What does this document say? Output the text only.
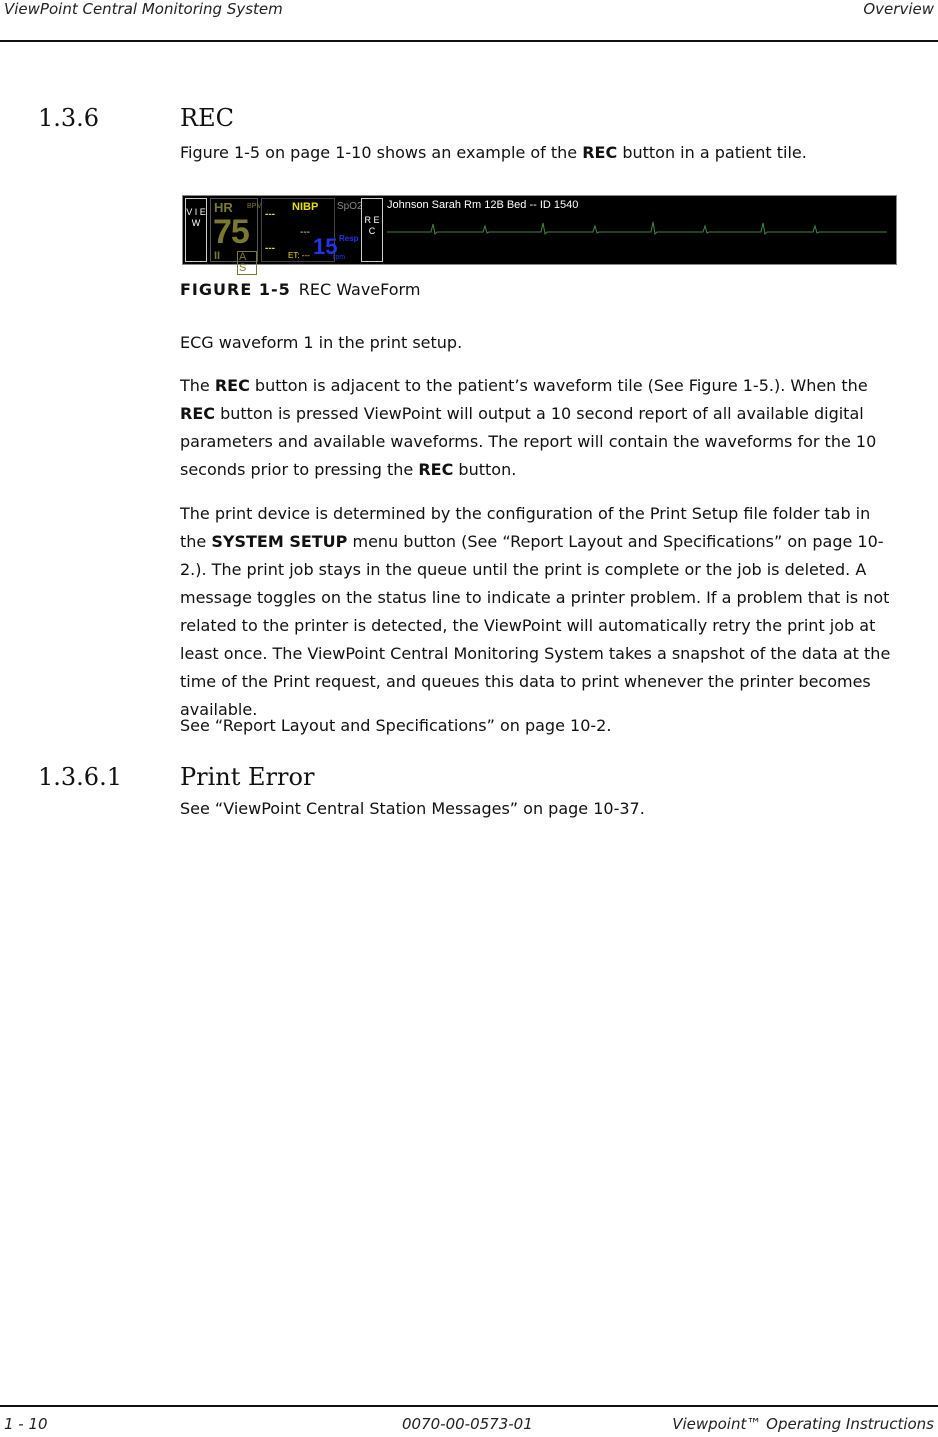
ViewPoint Central Monitoring System	Overview
1.3.6	REC
Figure 1-5 on page 1-10 shows an example of the REC button in a patient tile.
V I E W
HR BPM
75
II A S
NIBP
---
---
---
ET: ---
SpO2
15 Resp
rpm
R E C
Johnson Sarah Rm 12B Bed -- ID 1540
FIGURE 1-5 REC WaveForm
ECG waveform 1 in the print setup.
The REC button is adjacent to the patient’s waveform tile (See Figure 1-5.). When the REC button is pressed ViewPoint will output a 10 second report of all available digital parameters and available waveforms. The report will contain the waveforms for the 10 seconds prior to pressing the REC button.
The print device is determined by the configuration of the Print Setup file folder tab in the SYSTEM SETUP menu button (See “Report Layout and Specifications” on page 10-2.). The print job stays in the queue until the print is complete or the job is deleted. A message toggles on the status line to indicate a printer problem. If a problem that is not related to the printer is detected, the ViewPoint will automatically retry the print job at least once. The ViewPoint Central Monitoring System takes a snapshot of the data at the time of the Print request, and queues this data to print whenever the printer becomes available.
See “Report Layout and Specifications” on page 10-2.
1.3.6.1 Print Error
See “ViewPoint Central Station Messages” on page 10-37.
1 - 10	0070-00-0573-01	Viewpoint™ Operating Instructions
